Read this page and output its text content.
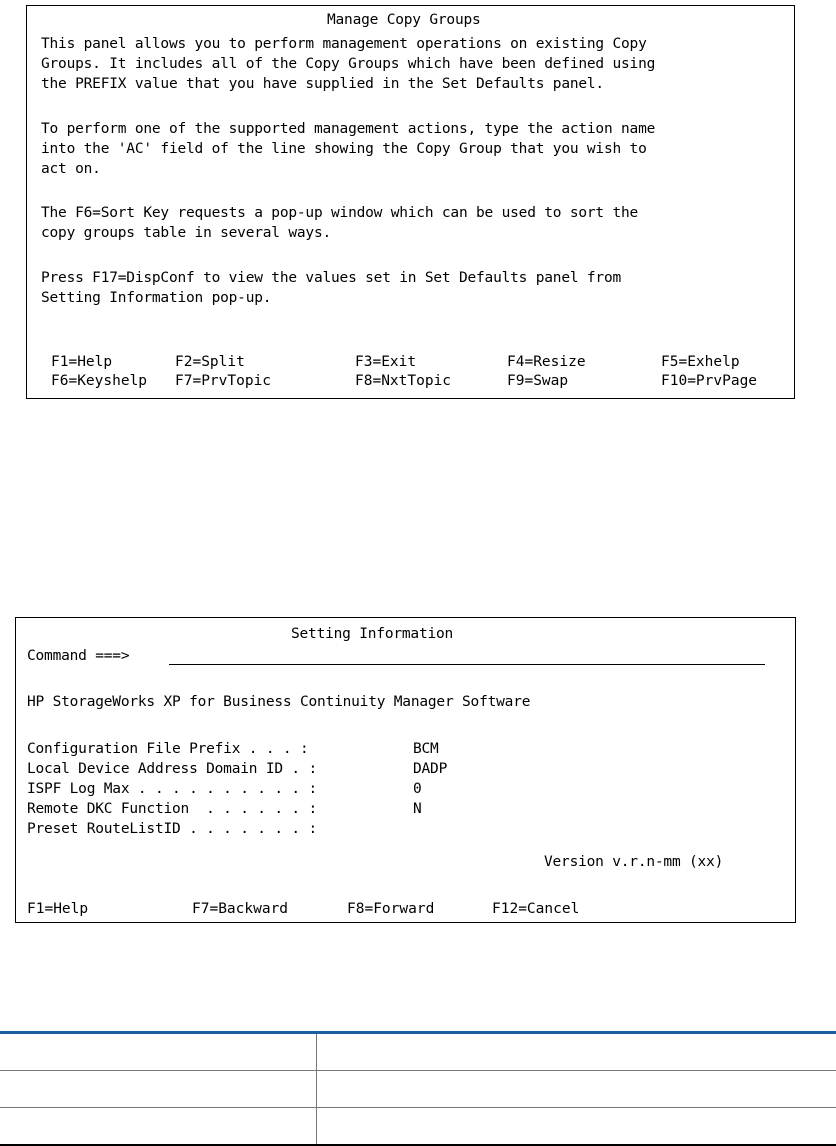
Manage Copy Groups
This panel allows you to perform management operations on existing Copy
Groups. It includes all of the Copy Groups which have been defined using
the PREFIX value that you have supplied in the Set Defaults panel.
To perform one of the supported management actions, type the action name
into the 'AC' field of the line showing the Copy Group that you wish to
act on.
The F6=Sort Key requests a pop-up window which can be used to sort the
copy groups table in several ways.
Press F17=DispConf to view the values set in Set Defaults panel from
Setting Information pop-up.
F1=Help	F2=Split	F3=Exit	F4=Resize	F5=Exhelp
F6=Keyshelp	F7=PrvTopic	F8=NxtTopic	F9=Swap	F10=PrvPage
Setting Information
Command ===>
HP StorageWorks XP for Business Continuity Manager Software
Configuration File Prefix . . . :	BCM
Local Device Address Domain ID . :	DADP
ISPF Log Max . . . . . . . . . . :	0
Remote DKC Function  . . . . . . :	N
Preset RouteListID . . . . . . . :
Version v.r.n-mm (xx)
F1=Help	F7=Backward	F8=Forward	F12=Cancel
